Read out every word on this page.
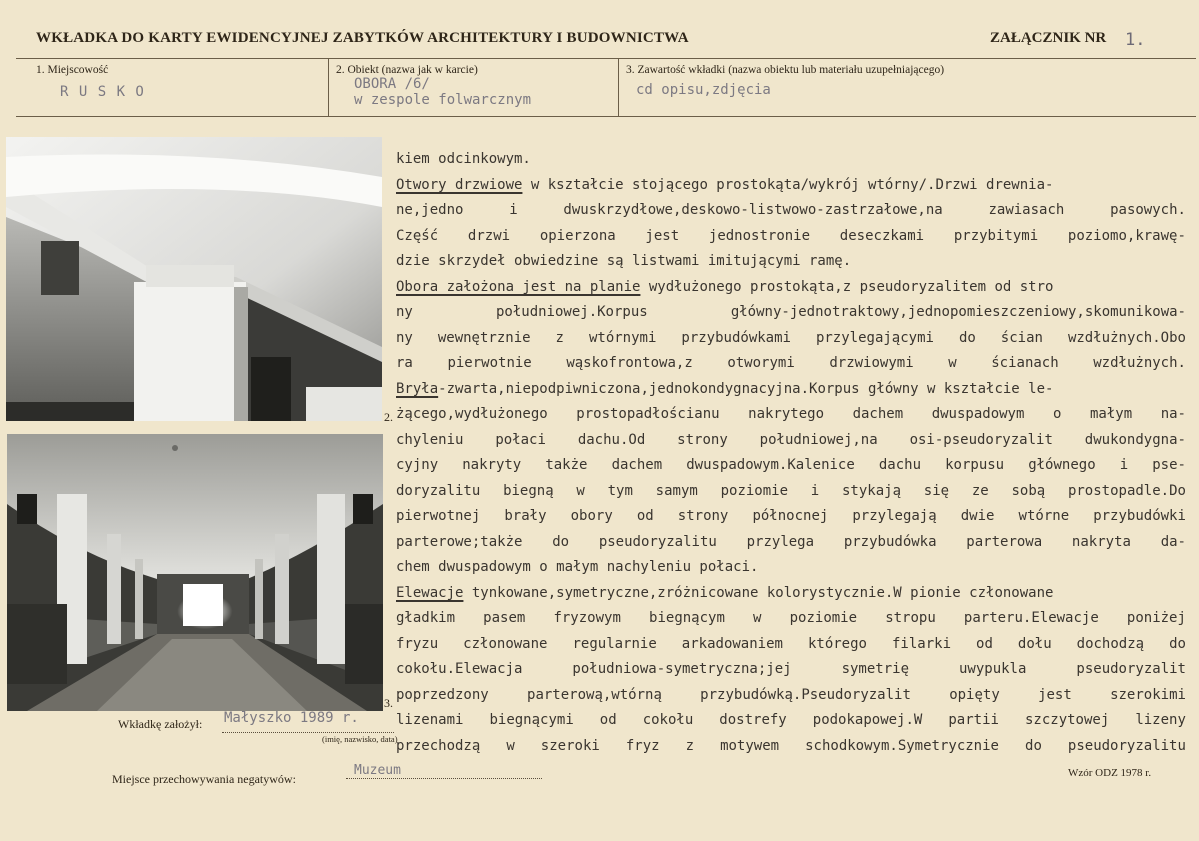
WKŁADKA DO KARTY EWIDENCYJNEJ ZABYTKÓW ARCHITEKTURY I BUDOWNICTWA	ZAŁĄCZNIK NR 1.
1. Miejscowość
R U S K O
2. Obiekt (nazwa jak w karcie)
OBORA /6/
w zespole folwarcznym
3. Zawartość wkładki (nazwa obiektu lub materiału uzupełniającego)
cd opisu,zdjęcia
2.
3.
kiem odcinkowym.
Otwory drzwiowe w kształcie stojącego prostokąta/wykrój wtórny/.Drzwi drewnia-
ne,jedno	i	dwuskrzydłowe,deskowo-listwowo-zastrzałowe,na	zawiasach	pasowych.
Część drzwi opierzona jest jednostronie deseczkami przybitymi poziomo,krawę-
dzie skrzydeł obwiedzine są listwami imitującymi ramę.
Obora założona jest na planie wydłużonego prostokąta,z pseudoryzalitem od stro
ny	południowej.Korpus	główny-jednotraktowy,jednopomieszczeniowy,skomunikowa-
ny wewnętrznie z wtórnymi przybudówkami przylegającymi do ścian wzdłużnych.Obo
ra pierwotnie wąskofrontowa,z otworymi drzwiowymi w ścianach wzdłużnych.
Bryła -zwarta,niepodpiwniczona,jednokondygnacyjna.Korpus główny w kształcie le-
żącego,wydłużonego prostopadłościanu nakrytego dachem dwuspadowym o małym na-
chyleniu połaci dachu.Od strony południowej,na osi-pseudoryzalit dwukondygna-
cyjny nakryty także dachem dwuspadowym.Kalenice dachu korpusu głównego i pse-
doryzalitu biegną w tym samym poziomie i stykają się ze sobą prostopadle.Do
pierwotnej brały obory od strony północnej przylegają dwie wtórne przybudówki
parterowe;także do pseudoryzalitu przylega przybudówka parterowa nakryta da-
chem dwuspadowym o małym nachyleniu połaci.
Elewacje tynkowane,symetryczne,zróżnicowane kolorystycznie.W pionie członowane
gładkim pasem fryzowym biegnącym w poziomie stropu parteru.Elewacje poniżej
fryzu członowane regularnie arkadowaniem którego filarki od dołu dochodzą do
cokołu.Elewacja	południowa-symetryczna;jej	symetrię	uwypukla	pseudoryzalit
poprzedzony	parterową,wtórną	przybudówką.Pseudoryzalit	opięty	jest	szerokimi
lizenami biegnącymi od cokołu dostrefy podokapowej.W partii szczytowej lizeny
przechodzą w szeroki fryz z motywem schodkowym.Symetrycznie do pseudoryzalitu
Wkładkę założył: Małyszko 1989 r.
(imię, nazwisko, data)
Miejsce przechowywania negatywów:
Muzeum	Wzór ODZ 1978 r.
